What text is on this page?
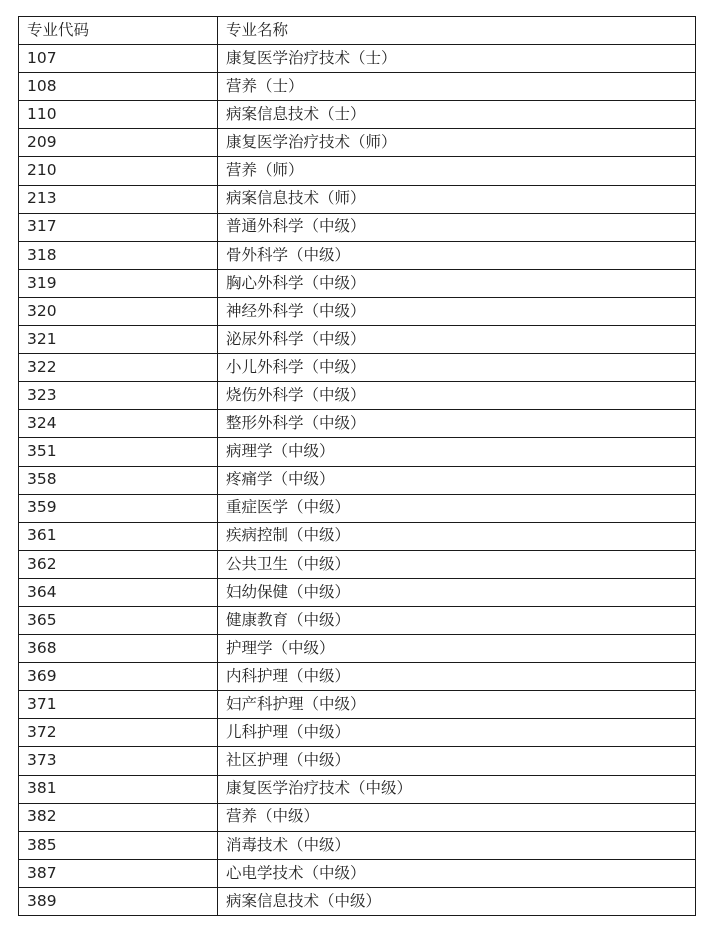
专业代码	专业名称
107	康复医学治疗技术（士）
108	营养（士）
110	病案信息技术（士）
209	康复医学治疗技术（师）
210	营养（师）
213	病案信息技术（师）
317	普通外科学（中级）
318	骨外科学（中级）
319	胸心外科学（中级）
320	神经外科学（中级）
321	泌尿外科学（中级）
322	小儿外科学（中级）
323	烧伤外科学（中级）
324	整形外科学（中级）
351	病理学（中级）
358	疼痛学（中级）
359	重症医学（中级）
361	疾病控制（中级）
362	公共卫生（中级）
364	妇幼保健（中级）
365	健康教育（中级）
368	护理学（中级）
369	内科护理（中级）
371	妇产科护理（中级）
372	儿科护理（中级）
373	社区护理（中级）
381	康复医学治疗技术（中级）
382	营养（中级）
385	消毒技术（中级）
387	心电学技术（中级）
389	病案信息技术（中级）
